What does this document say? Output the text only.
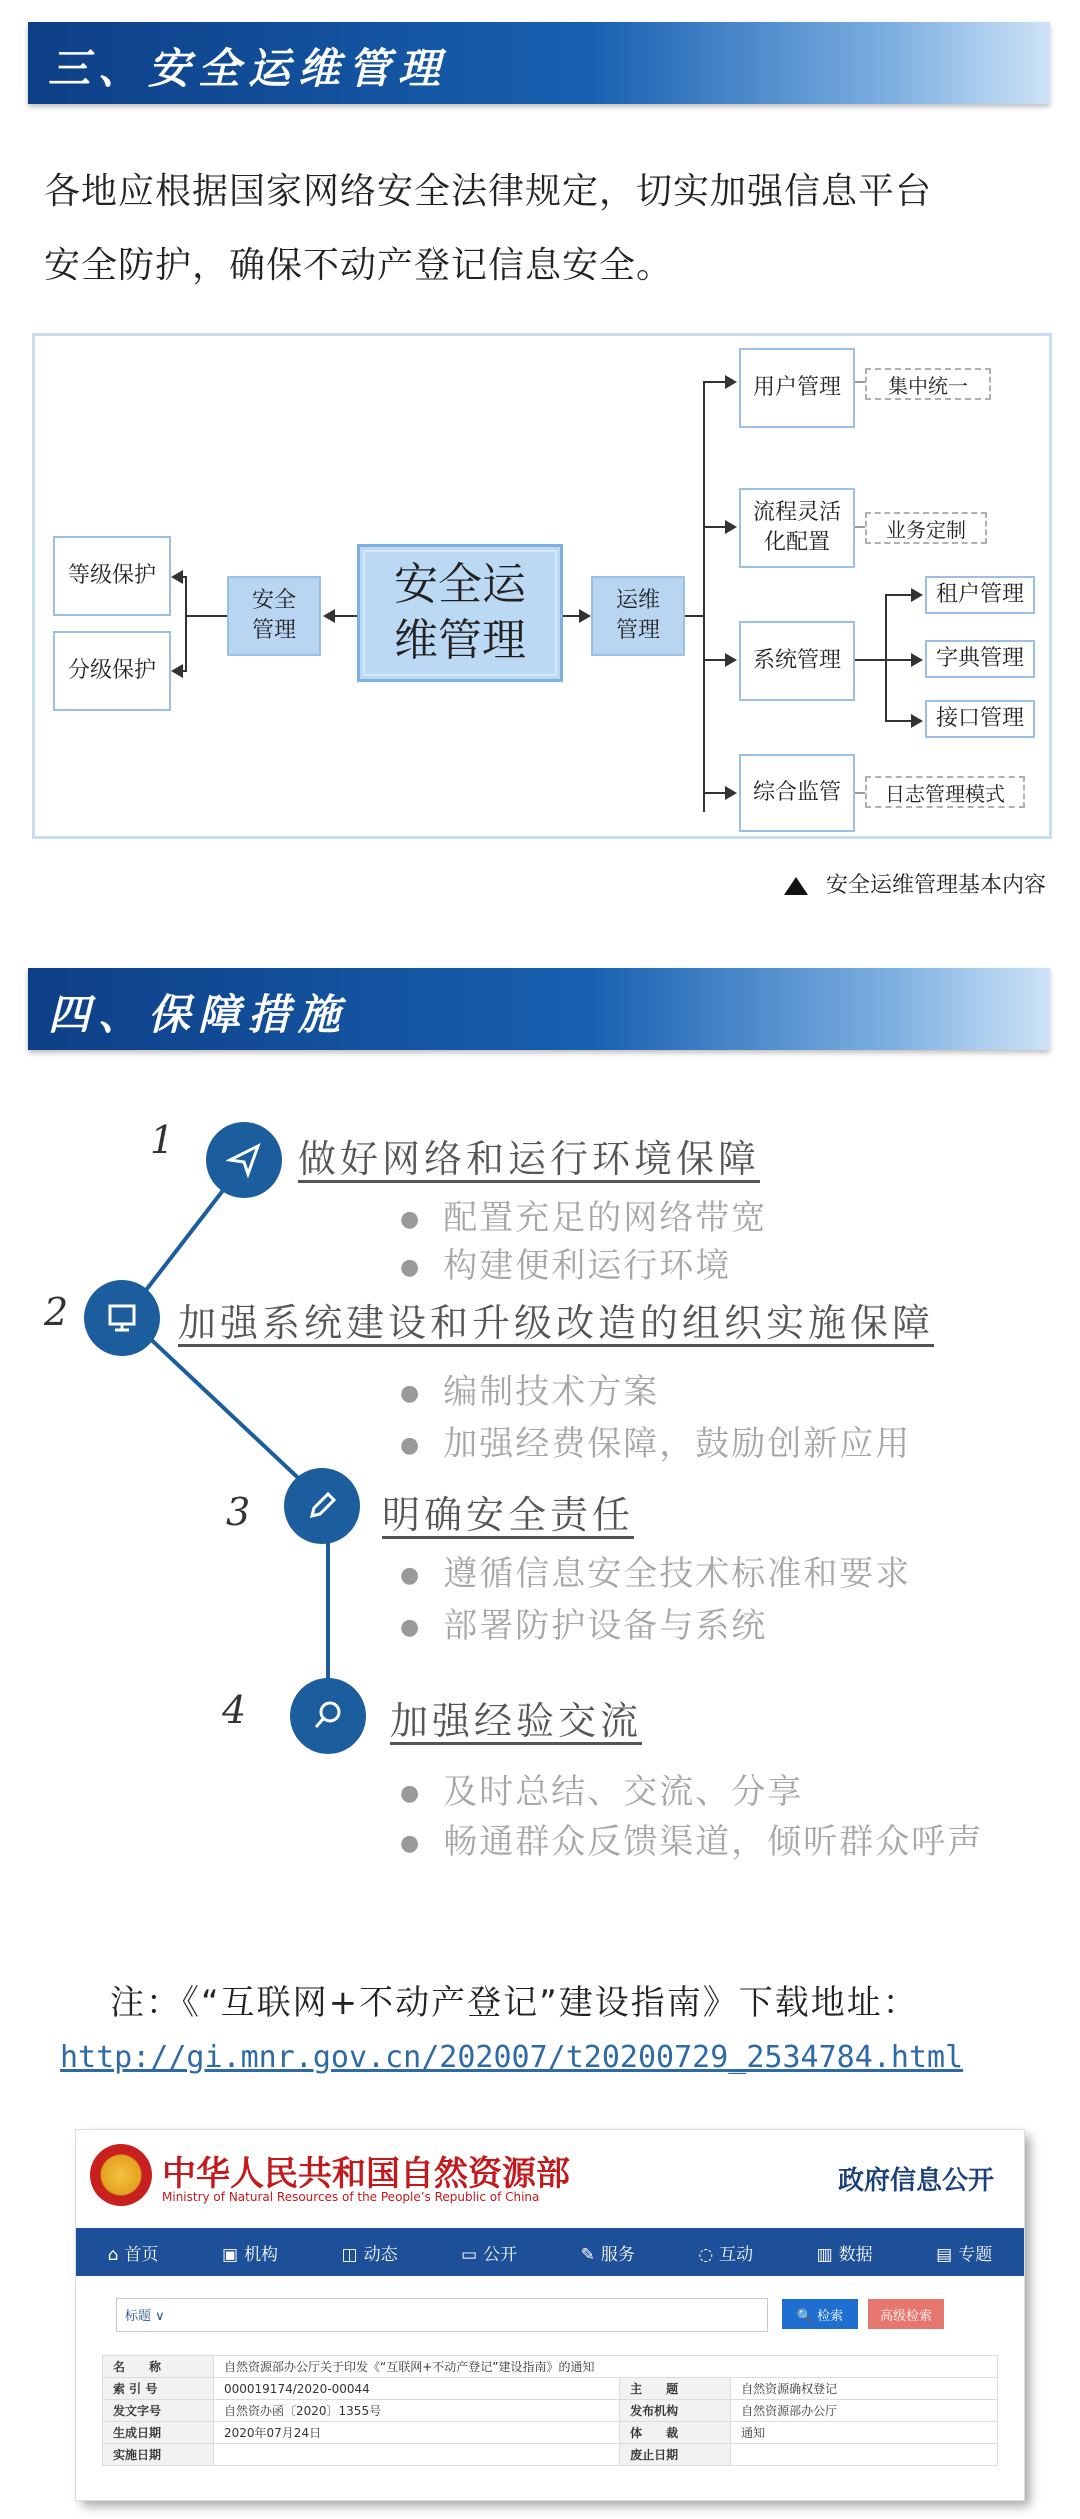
三、安全运维管理
各地应根据国家网络安全法律规定，切实加强信息平台
安全防护，确保不动产登记信息安全。
等级保护
分级保护
安全
管理
安全运
维管理
运维
管理
用户管理	集中统一
流程灵活
化配置
业务定制
系统管理
租户管理
字典管理
接口管理
综合监管	日志管理模式
安全运维管理基本内容
四、保障措施
1	做好网络和运行环境保障
● 配置充足的网络带宽
● 构建便利运行环境
2	加强系统建设和升级改造的组织实施保障
● 编制技术方案
● 加强经费保障，鼓励创新应用
3	明确安全责任
● 遵循信息安全技术标准和要求
● 部署防护设备与系统
4	加强经验交流
● 及时总结、交流、分享
● 畅通群众反馈渠道，倾听群众呼声
注：《“互联网+不动产登记”建设指南》下载地址：
http://gi.mnr.gov.cn/202007/t20200729_2534784.html
中华人民共和国自然资源部
Ministry of Natural Resources of the People’s Republic of China
政府信息公开
⌂ 首页	▣ 机构	◫ 动态	▭ 公开	✎ 服务	◌ 互动	▥ 数据	▤ 专题
标题 ∨	🔍 检索	高级检索
名　　称	自然资源部办公厅关于印发《“互联网+不动产登记”建设指南》的通知		
索 引 号	000019174/2020-00044	主　　题	自然资源确权登记
发文字号	自然资办函〔2020〕1355号	发布机构	自然资源部办公厅
生成日期	2020年07月24日	体　　裁	通知
实施日期		废止日期	
